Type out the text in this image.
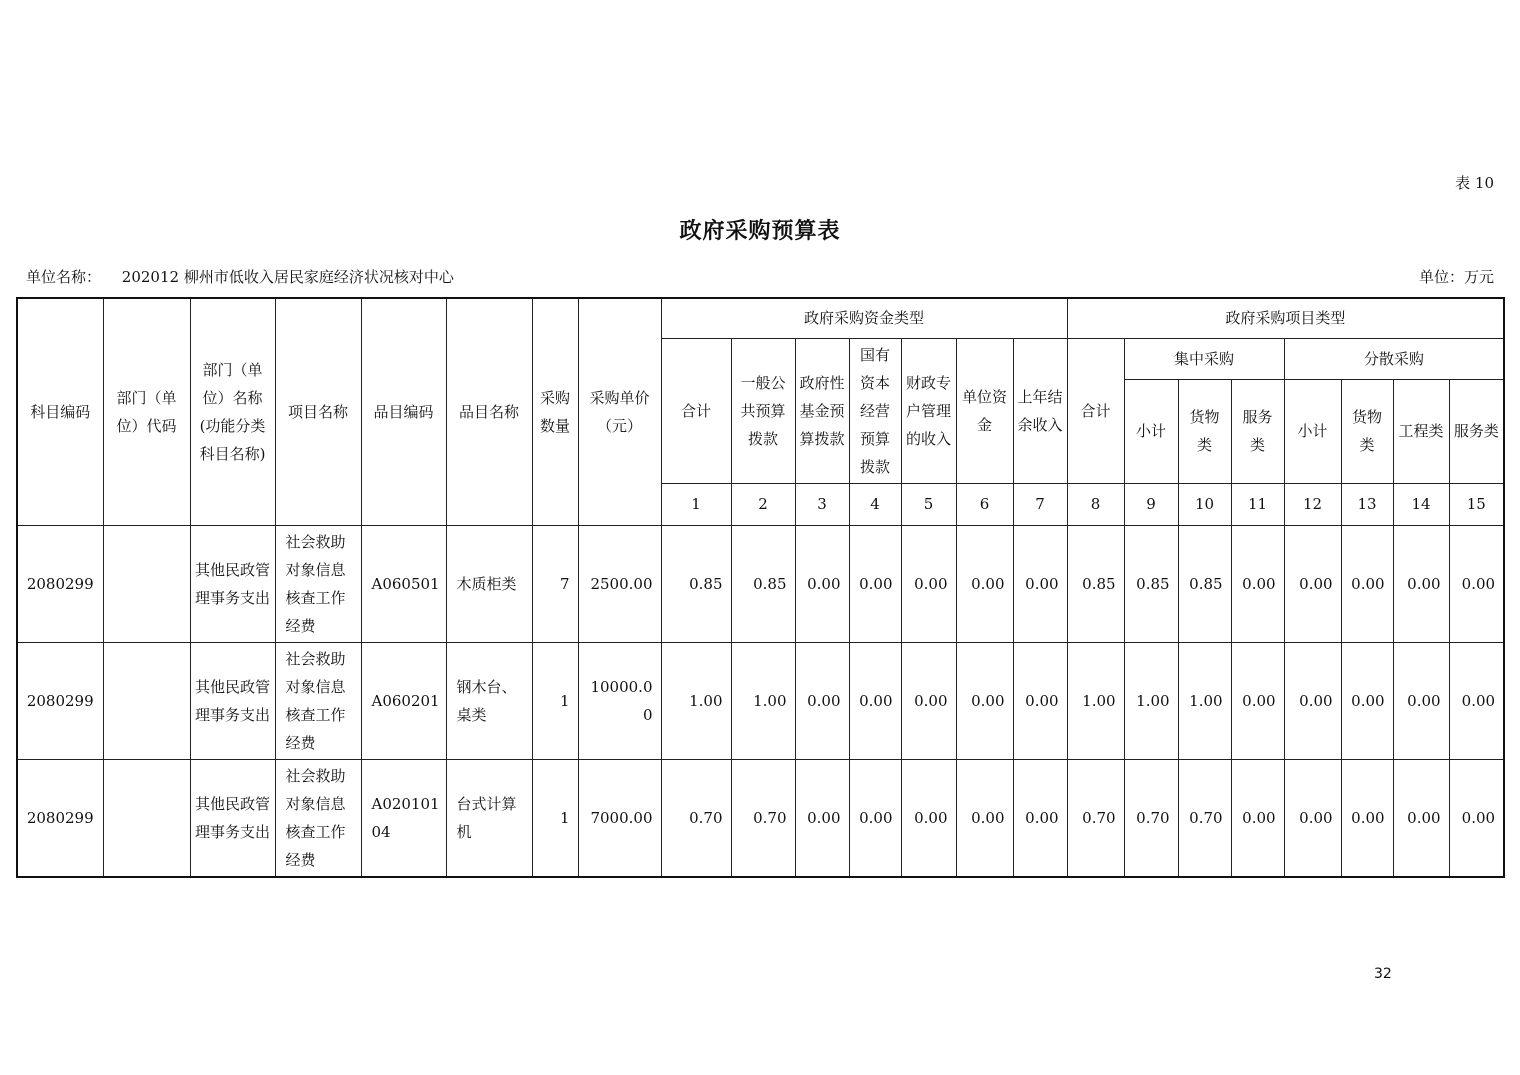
表 10
政府采购预算表
单位名称： 202012 柳州市低收入居民家庭经济状况核对中心	单位：万元
科目编码	部门（单位）代码	部门（单位）名称(功能分类科目名称)	项目名称	品目编码	品目名称	采购数量	采购单价（元）	政府采购资金类型							政府采购项目类型							
								合计	一般公共预算拨款	政府性基金预算拨款	国有资本经营预算拨款	财政专户管理的收入	单位资金	上年结余收入	合计	集中采购			分散采购			
																小计	货物类	服务类	小计	货物类	工程类	服务类
								1	2	3	4	5	6	7	8	9	10	11	12	13	14	15
2080299		其他民政管理事务支出	社会救助对象信息核查工作经费	A060501	木质柜类	7	2500.00	0.85	0.85	0.00	0.00	0.00	0.00	0.00	0.85	0.85	0.85	0.00	0.00	0.00	0.00	0.00
2080299		其他民政管理事务支出	社会救助对象信息核查工作经费	A060201	钢木台、桌类	1	10000.00	1.00	1.00	0.00	0.00	0.00	0.00	0.00	1.00	1.00	1.00	0.00	0.00	0.00	0.00	0.00
2080299		其他民政管理事务支出	社会救助对象信息核查工作经费	A02010104	台式计算机	1	7000.00	0.70	0.70	0.00	0.00	0.00	0.00	0.00	0.70	0.70	0.70	0.00	0.00	0.00	0.00	0.00
32
